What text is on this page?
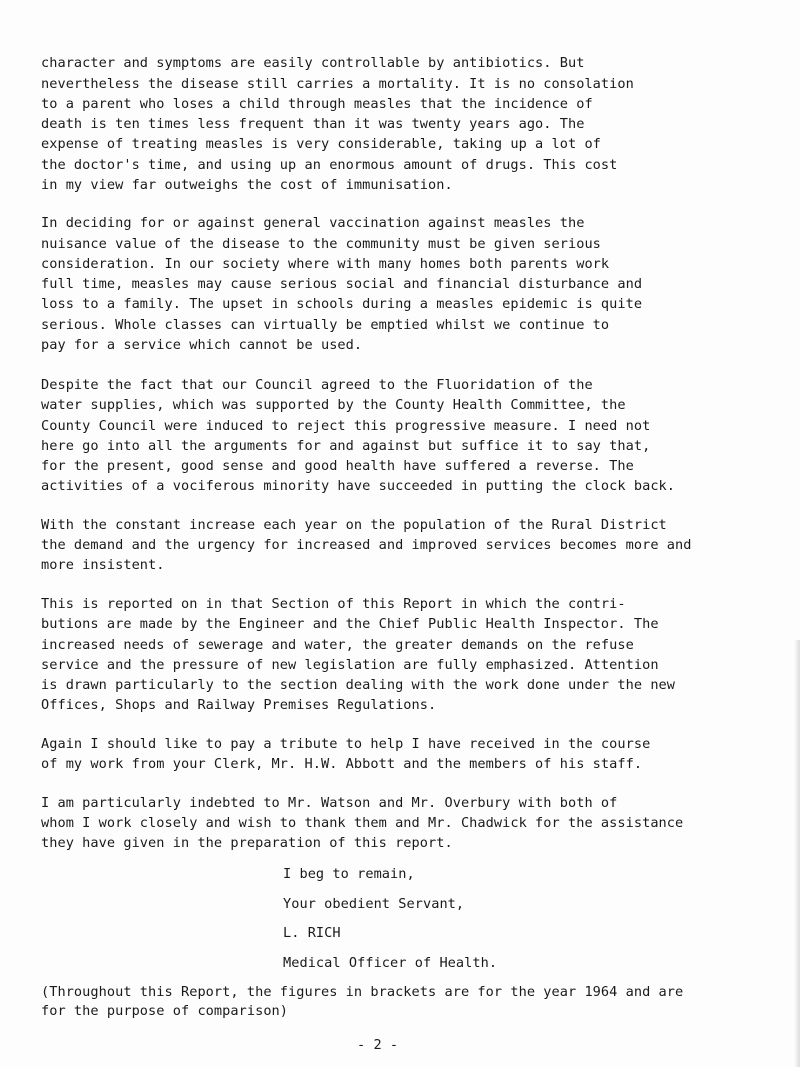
character and symptoms are easily controllable by antibiotics. But
nevertheless the disease still carries a mortality. It is no consolation
to a parent who loses a child through measles that the incidence of
death is ten times less frequent than it was twenty years ago. The
expense of treating measles is very considerable, taking up a lot of
the doctor's time, and using up an enormous amount of drugs. This cost
in my view far outweighs the cost of immunisation.
In deciding for or against general vaccination against measles the
nuisance value of the disease to the community must be given serious
consideration. In our society where with many homes both parents work
full time, measles may cause serious social and financial disturbance and
loss to a family. The upset in schools during a measles epidemic is quite
serious. Whole classes can virtually be emptied whilst we continue to
pay for a service which cannot be used.
Despite the fact that our Council agreed to the Fluoridation of the
water supplies, which was supported by the County Health Committee, the
County Council were induced to reject this progressive measure. I need not
here go into all the arguments for and against but suffice it to say that,
for the present, good sense and good health have suffered a reverse. The
activities of a vociferous minority have succeeded in putting the clock back.
With the constant increase each year on the population of the Rural District
the demand and the urgency for increased and improved services becomes more and
more insistent.
This is reported on in that Section of this Report in which the contri-
butions are made by the Engineer and the Chief Public Health Inspector. The
increased needs of sewerage and water, the greater demands on the refuse
service and the pressure of new legislation are fully emphasized. Attention
is drawn particularly to the section dealing with the work done under the new
Offices, Shops and Railway Premises Regulations.
Again I should like to pay a tribute to help I have received in the course
of my work from your Clerk, Mr. H.W. Abbott and the members of his staff.
I am particularly indebted to Mr. Watson and Mr. Overbury with both of
whom I work closely and wish to thank them and Mr. Chadwick for the assistance
they have given in the preparation of this report.
I beg to remain,
Your obedient Servant,
L. RICH
Medical Officer of Health.
(Throughout this Report, the figures in brackets are for the year 1964 and are
for the purpose of comparison)
- 2 -
